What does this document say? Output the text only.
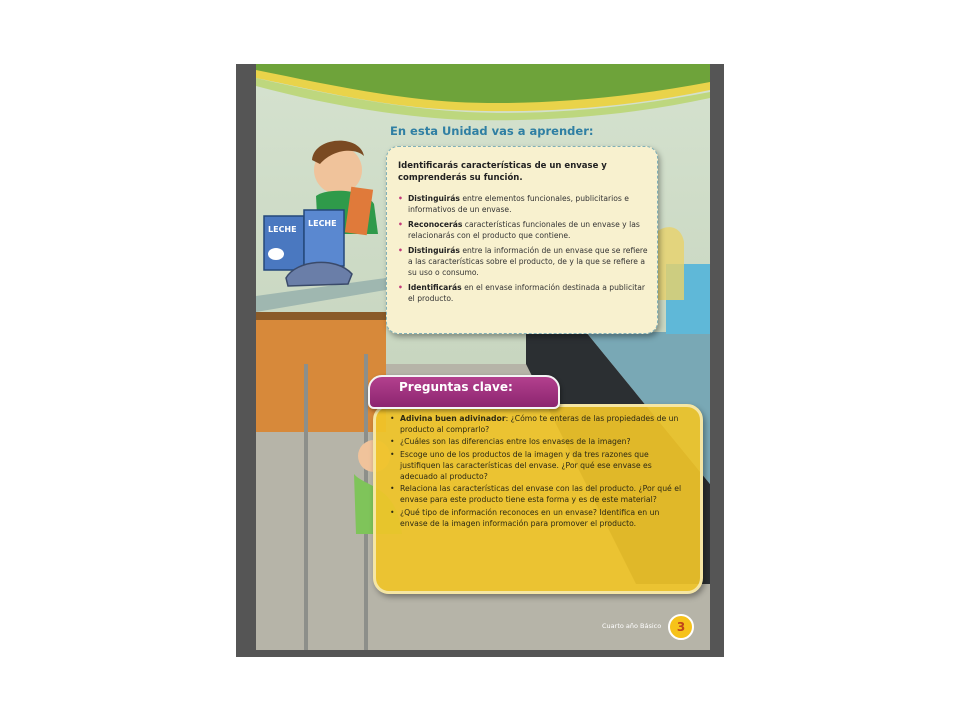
LECHE
LECHE
En esta Unidad vas a aprender:
Identificarás características de un envase y comprenderás su función.
• Distinguirás entre elementos funcionales, publicitarios e informativos de un envase.
• Reconocerás características funcionales de un envase y las relacionarás con el producto que contiene.
• Distinguirás entre la información de un envase que se refiere a las características sobre el producto, de y la que se refiere a su uso o consumo.
• Identificarás en el envase información destinada a publicitar el producto.
Preguntas clave:
• Adivina buen adivinador: ¿Cómo te enteras de las propiedades de un producto al comprarlo?
• ¿Cuáles son las diferencias entre los envases de la imagen?
• Escoge uno de los productos de la imagen y da tres razones que justifiquen las características del envase. ¿Por qué ese envase es adecuado al producto?
• Relaciona las características del envase con las del producto. ¿Por qué el envase para este producto tiene esta forma y es de este material?
• ¿Qué tipo de información reconoces en un envase? Identifica en un envase de la imagen información para promover el producto.
Cuarto año Básico	3
